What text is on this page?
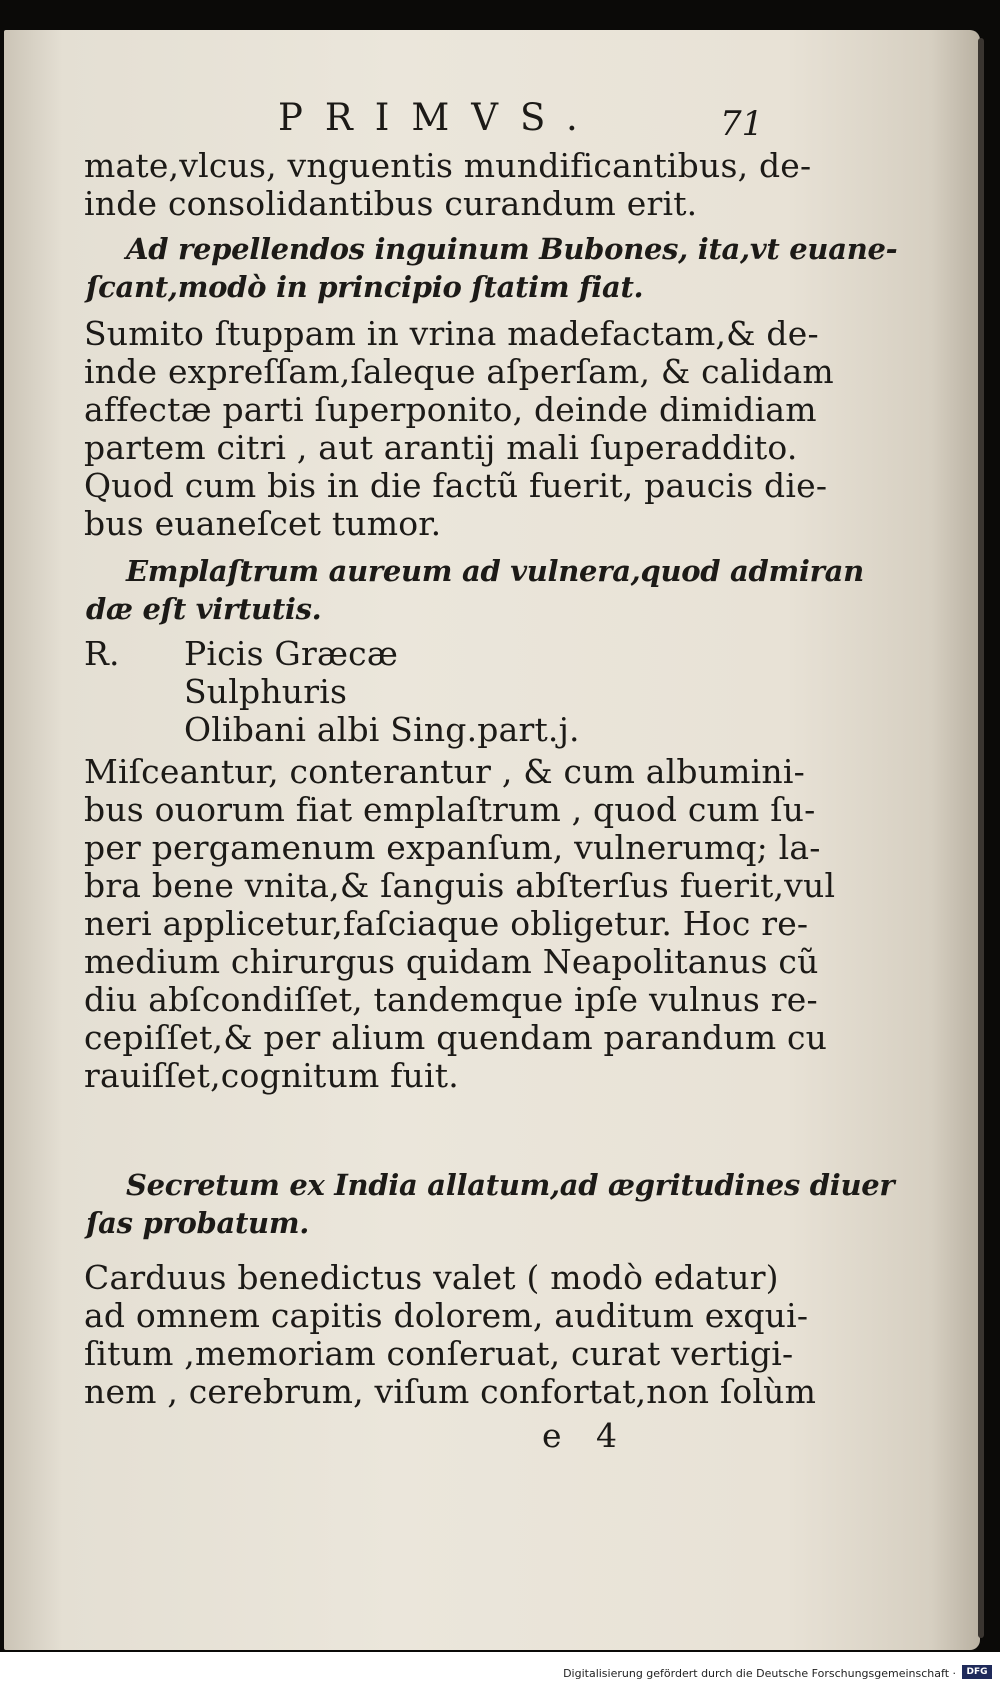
PRIMVS.	71
mate,vlcus, vnguentis mundificantibus, de-
inde consolidantibus curandum erit.
Ad repellendos inguinum Bubones, ita,vt euane-
ſcant,modò in principio ſtatim fiat.
Sumito ſtuppam in vrina madefactam,& de-
inde expreſſam,ſaleque aſperſam, & calidam
affectæ parti ſuperponito, deinde dimidiam
partem citri , aut arantij mali ſuperaddito.
Quod cum bis in die factũ fuerit, paucis die-
bus euaneſcet tumor.
Emplaſtrum aureum ad vulnera,quod admiran
dæ eſt virtutis.
R. Picis Græcæ
Sulphuris
Olibani albi Sing.part.j.
Miſceantur, conterantur , & cum albumini-
bus ouorum fiat emplaſtrum , quod cum ſu-
per pergamenum expanſum, vulnerumq; la-
bra bene vnita,& ſanguis abſterſus fuerit,vul
neri applicetur,faſciaque obligetur. Hoc re-
medium chirurgus quidam Neapolitanus cũ
diu abſcondiſſet, tandemque ipſe vulnus re-
cepiſſet,& per alium quendam parandum cu
rauiſſet,cognitum fuit.
Secretum ex India allatum,ad ægritudines diuer
ſas probatum.
Carduus benedictus valet ( modò edatur)
ad omnem capitis dolorem, auditum exqui-
ſitum ,memoriam conſeruat, curat vertigi-
nem , cerebrum, viſum confortat,non ſolùm
e 4
Digitalisierung gefördert durch die Deutsche Forschungsgemeinschaft ·	DFG
